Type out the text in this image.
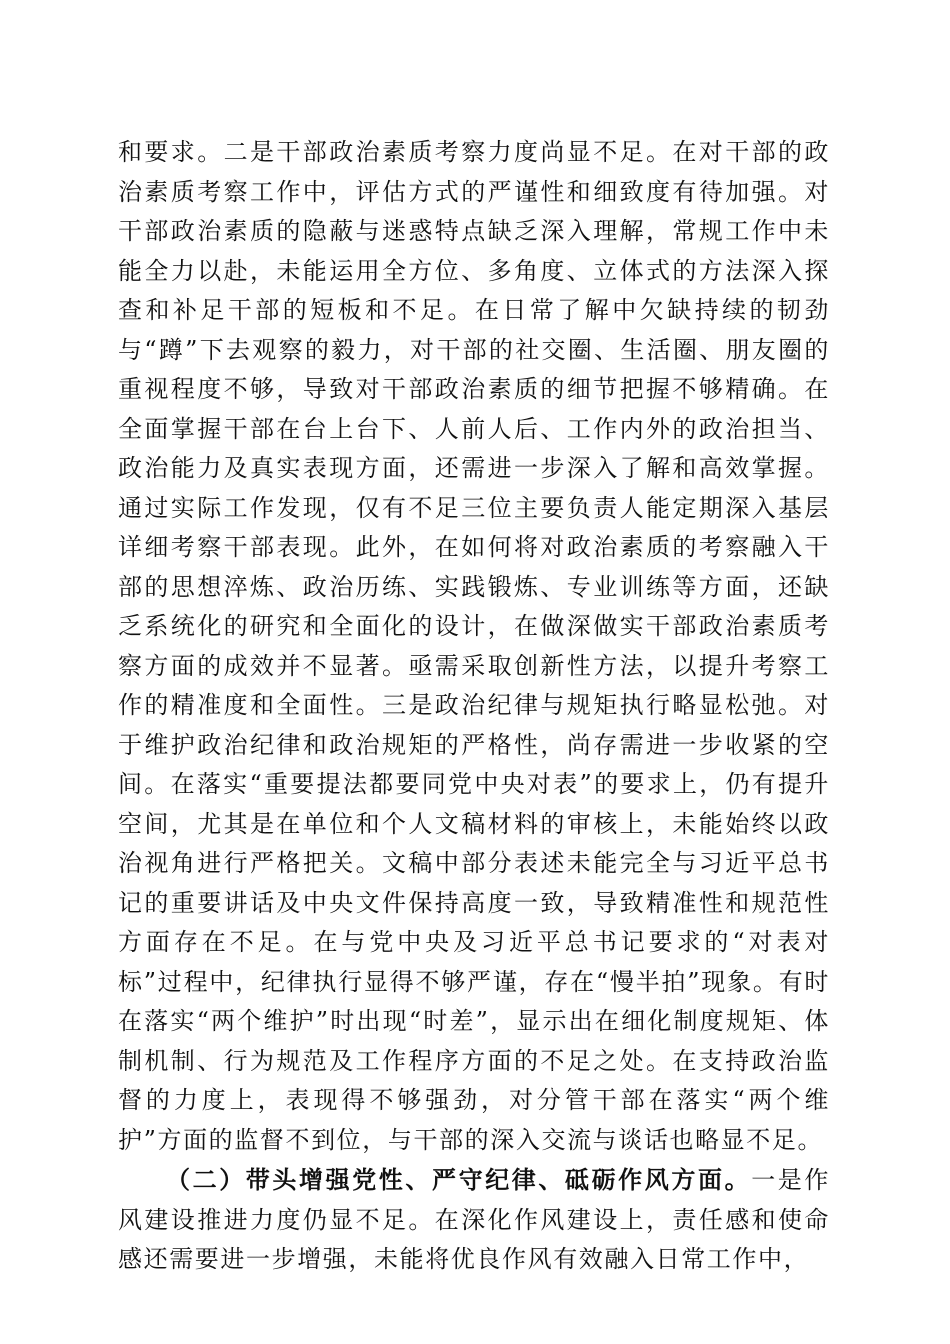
和要求。二是干部政治素质考察力度尚显不足。在对干部的政治素质考察工作中，评估方式的严谨性和细致度有待加强。对干部政治素质的隐蔽与迷惑特点缺乏深入理解，常规工作中未能全力以赴，未能运用全方位、多角度、立体式的方法深入探查和补足干部的短板和不足。在日常了解中欠缺持续的韧劲与“蹲”下去观察的毅力，对干部的社交圈、生活圈、朋友圈的重视程度不够，导致对干部政治素质的细节把握不够精确。在全面掌握干部在台上台下、人前人后、工作内外的政治担当、政治能力及真实表现方面，还需进一步深入了解和高效掌握。通过实际工作发现，仅有不足三位主要负责人能定期深入基层详细考察干部表现。此外，在如何将对政治素质的考察融入干部的思想淬炼、政治历练、实践锻炼、专业训练等方面，还缺乏系统化的研究和全面化的设计，在做深做实干部政治素质考察方面的成效并不显著。亟需采取创新性方法，以提升考察工作的精准度和全面性。三是政治纪律与规矩执行略显松弛。对于维护政治纪律和政治规矩的严格性，尚存需进一步收紧的空间。在落实“重要提法都要同党中央对表”的要求上，仍有提升空间，尤其是在单位和个人文稿材料的审核上，未能始终以政治视角进行严格把关。文稿中部分表述未能完全与习近平总书记的重要讲话及中央文件保持高度一致，导致精准性和规范性方面存在不足。在与党中央及习近平总书记要求的“对表对标”过程中，纪律执行显得不够严谨，存在“慢半拍”现象。有时在落实“两个维护”时出现“时差”，显示出在细化制度规矩、体制机制、行为规范及工作程序方面的不足之处。在支持政治监督的力度上，表现得不够强劲，对分管干部在落实“两个维护”方面的监督不到位，与干部的深入交流与谈话也略显不足。

（二）带头增强党性、严守纪律、砥砺作风方面。一是作风建设推进力度仍显不足。在深化作风建设上，责任感和使命感还需要进一步增强，未能将优良作风有效融入日常工作中，
